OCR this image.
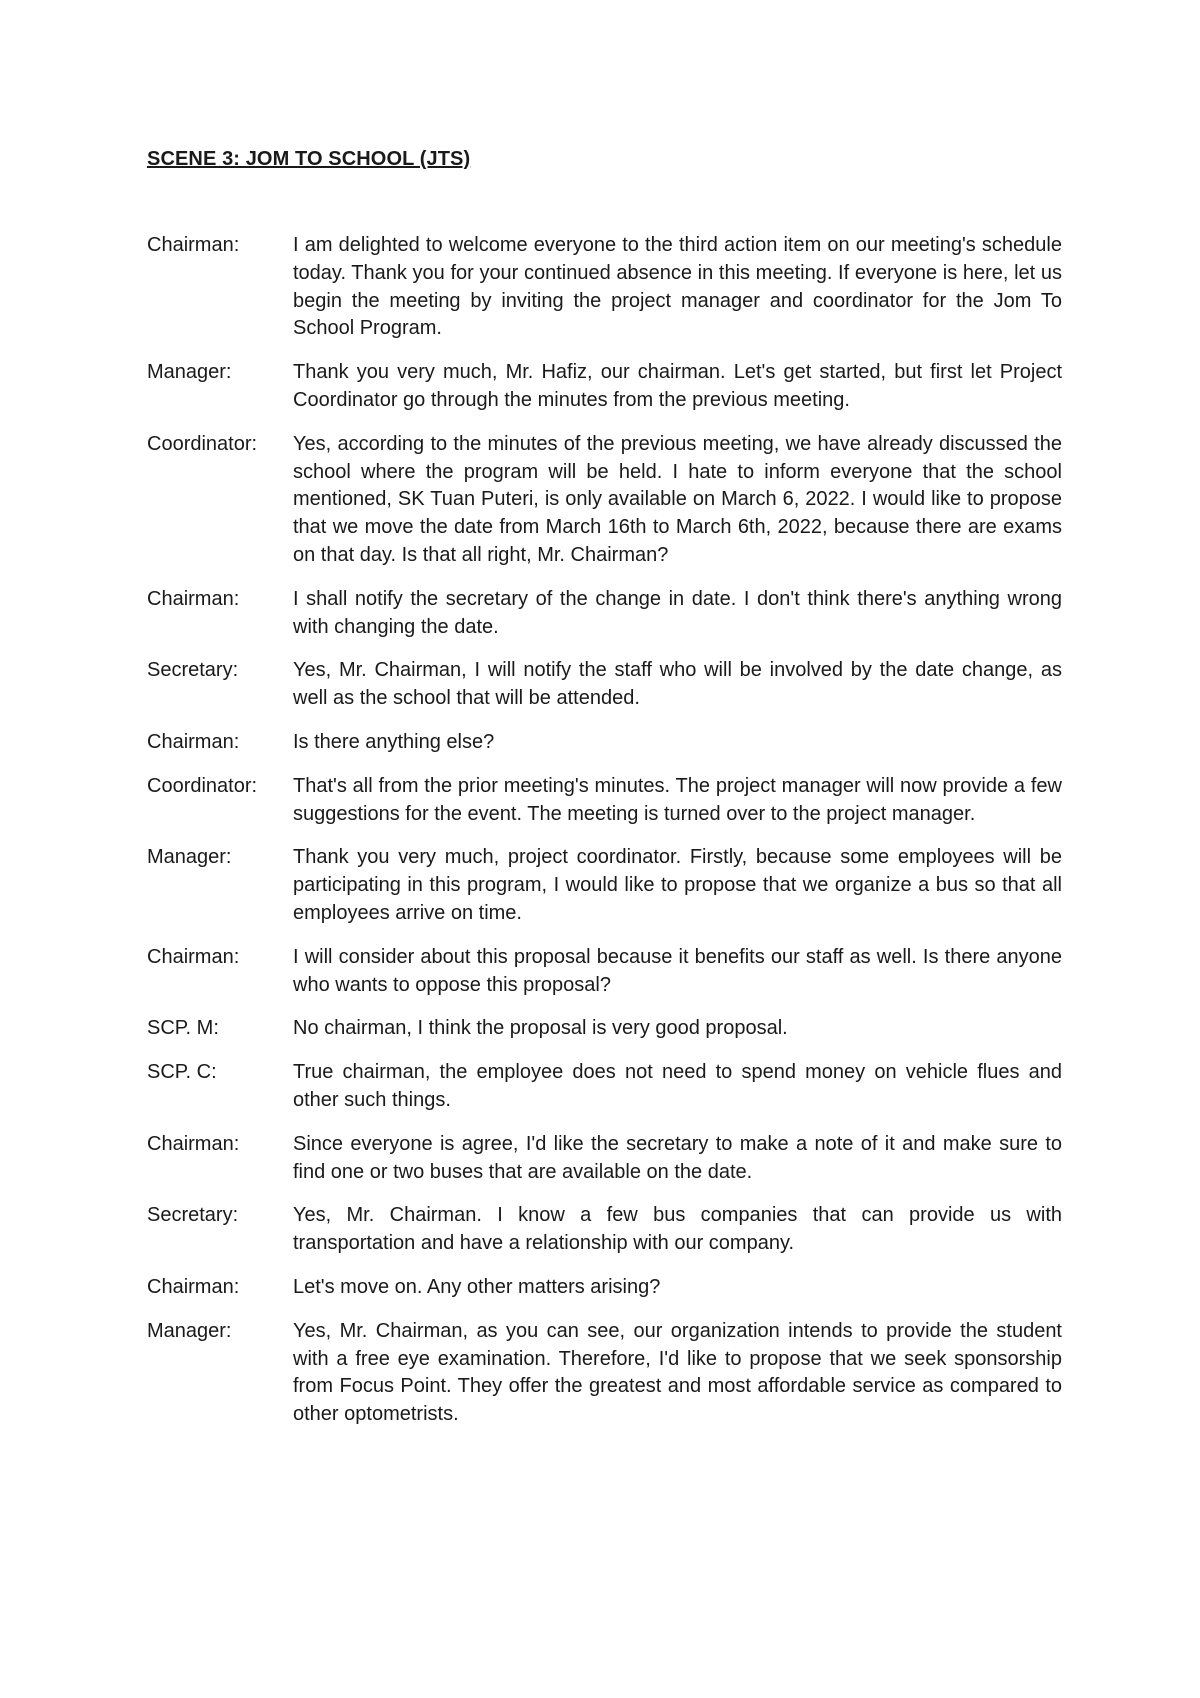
SCENE 3: JOM TO SCHOOL (JTS)
Chairman:	I am delighted to welcome everyone to the third action item on our meeting's schedule today. Thank you for your continued absence in this meeting. If everyone is here, let us begin the meeting by inviting the project manager and coordinator for the Jom To School Program.
Manager:	Thank you very much, Mr. Hafiz, our chairman. Let's get started, but first let Project Coordinator go through the minutes from the previous meeting.
Coordinator:	Yes, according to the minutes of the previous meeting, we have already discussed the school where the program will be held. I hate to inform everyone that the school mentioned, SK Tuan Puteri, is only available on March 6, 2022. I would like to propose that we move the date from March 16th to March 6th, 2022, because there are exams on that day. Is that all right, Mr. Chairman?
Chairman:	I shall notify the secretary of the change in date. I don't think there's anything wrong with changing the date.
Secretary:	Yes, Mr. Chairman, I will notify the staff who will be involved by the date change, as well as the school that will be attended.
Chairman:	Is there anything else?
Coordinator:	That's all from the prior meeting's minutes. The project manager will now provide a few suggestions for the event. The meeting is turned over to the project manager.
Manager:	Thank you very much, project coordinator. Firstly, because some employees will be participating in this program, I would like to propose that we organize a bus so that all employees arrive on time.
Chairman:	I will consider about this proposal because it benefits our staff as well. Is there anyone who wants to oppose this proposal?
SCP. M:	No chairman, I think the proposal is very good proposal.
SCP. C:	True chairman, the employee does not need to spend money on vehicle flues and other such things.
Chairman:	Since everyone is agree, I'd like the secretary to make a note of it and make sure to find one or two buses that are available on the date.
Secretary:	Yes, Mr. Chairman. I know a few bus companies that can provide us with transportation and have a relationship with our company.
Chairman:	Let's move on. Any other matters arising?
Manager:	Yes, Mr. Chairman, as you can see, our organization intends to provide the student with a free eye examination. Therefore, I'd like to propose that we seek sponsorship from Focus Point. They offer the greatest and most affordable service as compared to other optometrists.
